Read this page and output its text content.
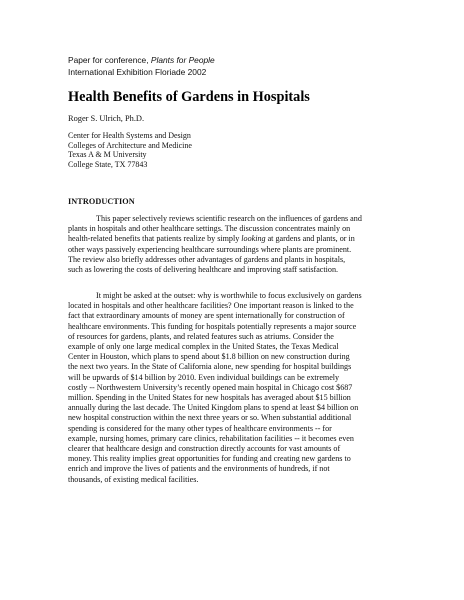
Paper for conference, Plants for People
International Exhibition Floriade 2002
Health Benefits of Gardens in Hospitals
Roger S. Ulrich, Ph.D.
Center for Health Systems and Design
Colleges of Architecture and Medicine
Texas A & M University
College State, TX 77843
INTRODUCTION
This paper selectively reviews scientific research on the influences of gardens and
plants in hospitals and other healthcare settings. The discussion concentrates mainly on
health-related benefits that patients realize by simply looking at gardens and plants, or in
other ways passively experiencing healthcare surroundings where plants are prominent.
The review also briefly addresses other advantages of gardens and plants in hospitals,
such as lowering the costs of delivering healthcare and improving staff satisfaction.
It might be asked at the outset: why is worthwhile to focus exclusively on gardens
located in hospitals and other healthcare facilities? One important reason is linked to the
fact that extraordinary amounts of money are spent internationally for construction of
healthcare environments. This funding for hospitals potentially represents a major source
of resources for gardens, plants, and related features such as atriums. Consider the
example of only one large medical complex in the United States, the Texas Medical
Center in Houston, which plans to spend about $1.8 billion on new construction during
the next two years. In the State of California alone, new spending for hospital buildings
will be upwards of $14 billion by 2010. Even individual buildings can be extremely
costly -- Northwestern University’s recently opened main hospital in Chicago cost $687
million. Spending in the United States for new hospitals has averaged about $15 billion
annually during the last decade. The United Kingdom plans to spend at least $4 billion on
new hospital construction within the next three years or so. When substantial additional
spending is considered for the many other types of healthcare environments -- for
example, nursing homes, primary care clinics, rehabilitation facilities -- it becomes even
clearer that healthcare design and construction directly accounts for vast amounts of
money. This reality implies great opportunities for funding and creating new gardens to
enrich and improve the lives of patients and the environments of hundreds, if not
thousands, of existing medical facilities.
